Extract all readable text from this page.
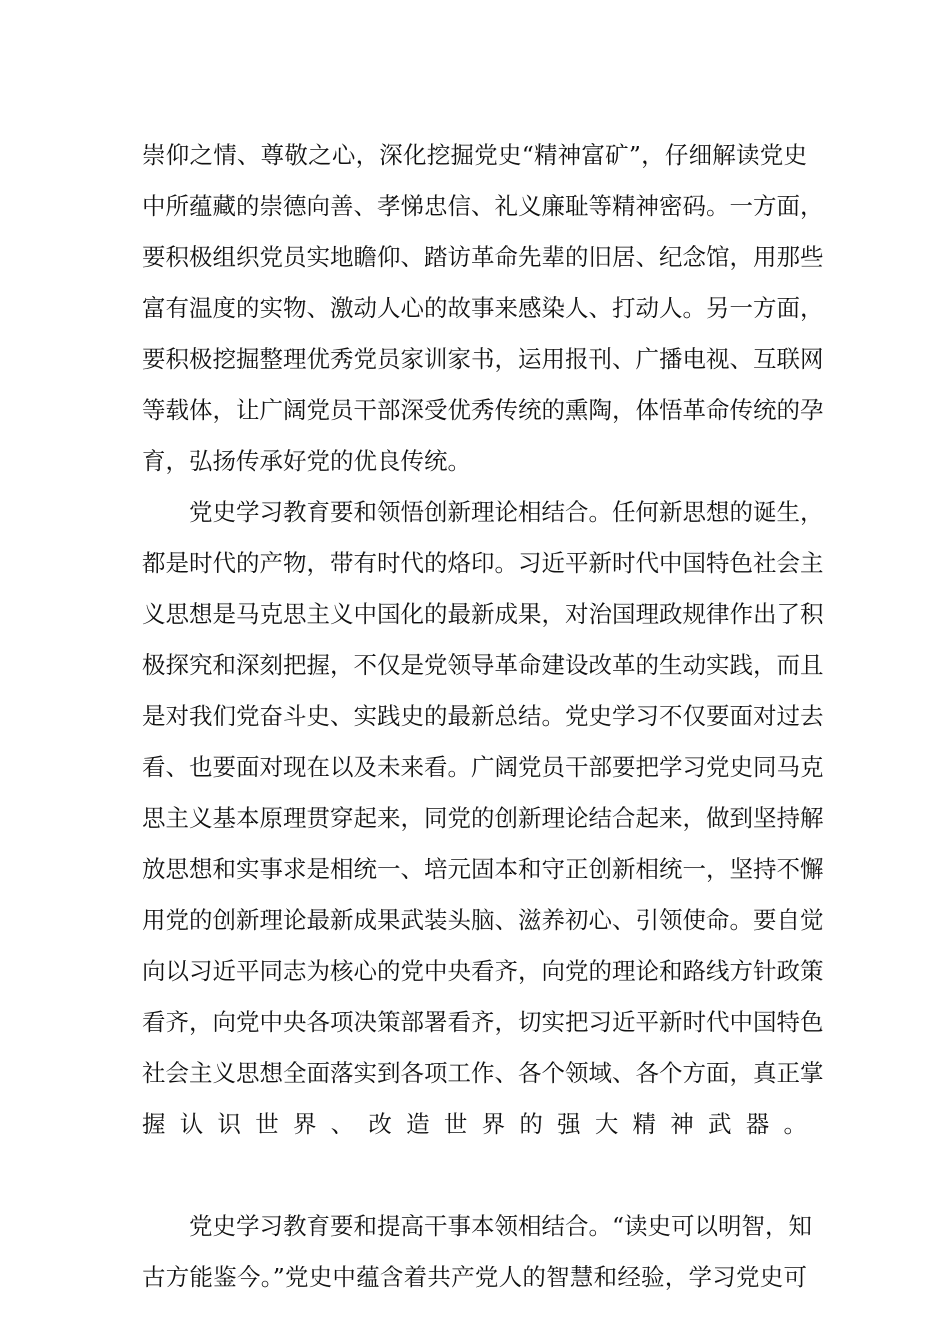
崇仰之情、尊敬之心，深化挖掘党史“精神富矿”，仔细解读党史
中所蕴藏的崇德向善、孝悌忠信、礼义廉耻等精神密码。一方面，
要积极组织党员实地瞻仰、踏访革命先辈的旧居、纪念馆，用那些
富有温度的实物、激动人心的故事来感染人、打动人。另一方面，
要积极挖掘整理优秀党员家训家书，运用报刊、广播电视、互联网
等载体，让广阔党员干部深受优秀传统的熏陶，体悟革命传统的孕
育，弘扬传承好党的优良传统。
党史学习教育要和领悟创新理论相结合。任何新思想的诞生，
都是时代的产物，带有时代的烙印。习近平新时代中国特色社会主
义思想是马克思主义中国化的最新成果，对治国理政规律作出了积
极探究和深刻把握，不仅是党领导革命建设改革的生动实践，而且
是对我们党奋斗史、实践史的最新总结。党史学习不仅要面对过去
看、也要面对现在以及未来看。广阔党员干部要把学习党史同马克
思主义基本原理贯穿起来，同党的创新理论结合起来，做到坚持解
放思想和实事求是相统一、培元固本和守正创新相统一，坚持不懈
用党的创新理论最新成果武装头脑、滋养初心、引领使命。要自觉
向以习近平同志为核心的党中央看齐，向党的理论和路线方针政策
看齐，向党中央各项决策部署看齐，切实把习近平新时代中国特色
社会主义思想全面落实到各项工作、各个领域、各个方面，真正掌
握认识世界、改造世界的强大精神武器。
党史学习教育要和提高干事本领相结合。“读史可以明智，知
古方能鉴今。”党史中蕴含着共产党人的智慧和经验，学习党史可
